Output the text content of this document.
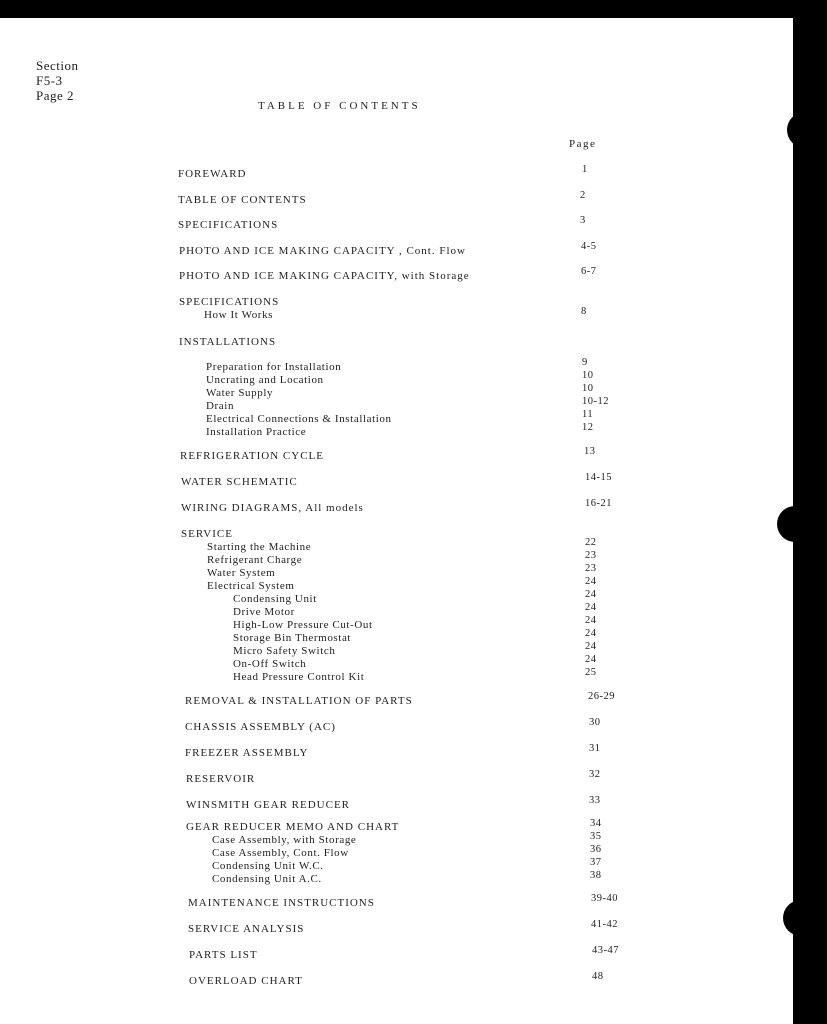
Section
F5-3
Page 2
TABLE OF CONTENTS
Page
FOREWARD	1
TABLE OF CONTENTS	2
SPECIFICATIONS	3
PHOTO AND ICE MAKING CAPACITY , Cont. Flow	4-5
PHOTO AND ICE MAKING CAPACITY, with Storage	6-7
SPECIFICATIONS
How It Works	8
INSTALLATIONS
Preparation for Installation	9
Uncrating and Location	10
Water Supply	10
Drain	10-12
Electrical Connections & Installation	11
Installation Practice	12
REFRIGERATION CYCLE	13
WATER SCHEMATIC	14-15
WIRING DIAGRAMS, All models	16-21
SERVICE
Starting the Machine	22
Refrigerant Charge	23
Water System	23
Electrical System	24
Condensing Unit	24
Drive Motor	24
High-Low Pressure Cut-Out	24
Storage Bin Thermostat	24
Micro Safety Switch	24
On-Off Switch	24
Head Pressure Control Kit	25
REMOVAL & INSTALLATION OF PARTS	26-29
CHASSIS ASSEMBLY (AC)	30
FREEZER ASSEMBLY	31
RESERVOIR	32
WINSMITH GEAR REDUCER	33
GEAR REDUCER MEMO AND CHART	34
Case Assembly, with Storage	35
Case Assembly, Cont. Flow	36
Condensing Unit W.C.	37
Condensing Unit A.C.	38
MAINTENANCE INSTRUCTIONS	39-40
SERVICE ANALYSIS	41-42
PARTS LIST	43-47
OVERLOAD CHART	48
